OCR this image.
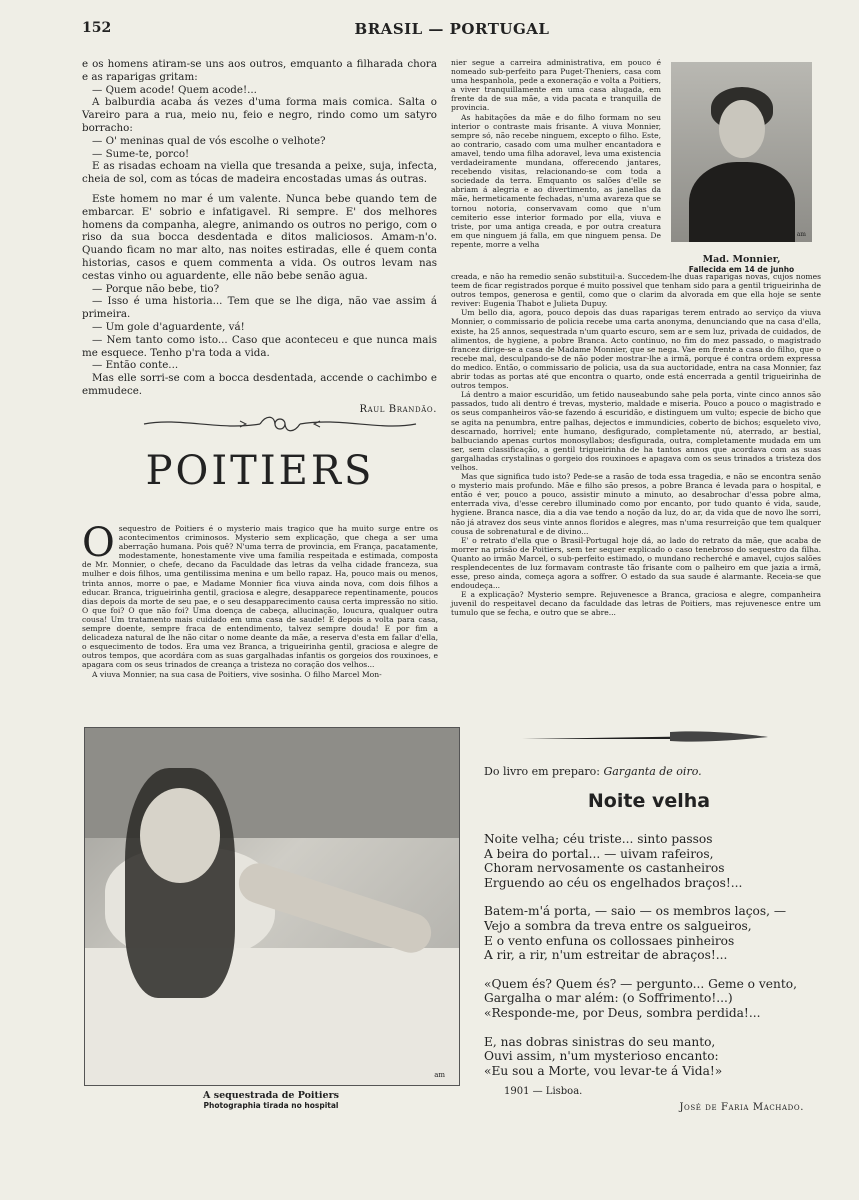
152	BRASIL — PORTUGAL

e os homens atiram-se uns aos outros, emquanto a filharada chora e as raparigas gritam:

— Quem acode! Quem acode!...

A balburdia acaba ás vezes d'uma forma mais comica. Salta o Vareiro para a rua, meio nu, feio e negro, rindo como um satyro borracho:

— O' meninas qual de vós escolhe o velhote?

— Sume-te, porco!

E as risadas echoam na viella que tresanda a peixe, suja, infecta, cheia de sol, com as tócas de madeira encostadas umas ás outras.

Este homem no mar é um valente. Nunca bebe quando tem de embarcar. E' sobrio e infatigavel. Ri sempre. E' dos melhores homens da companha, alegre, animando os outros no perigo, com o riso da sua bocca desdentada e ditos maliciosos. Amam-n'o. Quando ficam no mar alto, nas noites estiradas, elle é quem conta historias, casos e quem commenta a vida. Os outros levam nas cestas vinho ou aguardente, elle não bebe senão agua.

— Porque não bebe, tio?

— Isso é uma historia... Tem que se lhe diga, não vae assim á primeira.

— Um gole d'aguardente, vá!

— Nem tanto como isto... Caso que aconteceu e que nunca mais me esquece. Tenho p'ra toda a vida.

— Então conte...

Mas elle sorri-se com a bocca desdentada, accende o cachimbo e emmudece.

Raul Brandão.

POITIERS

Osequestro de Poitiers é o mysterio mais tragico que ha muito surge entre os acontecimentos criminosos. Mysterio sem explicação, que chega a ser uma aberração humana. Pois quê? N'uma terra de provincia, em França, pacatamente, modestamente, honestamente vive uma familia respeitada e estimada, composta de Mr. Monnier, o chefe, decano da Faculdade das letras da velha cidade franceza, sua mulher e dois filhos, uma gentilissima menina e um bello rapaz. Ha, pouco mais ou menos, trinta annos, morre o pae, e Madame Monnier fica viuva ainda nova, com dois filhos a educar. Branca, trigueirinha gentil, graciosa e alegre, desapparece repentinamente, poucos dias depois da morte de seu pae, e o seu desapparecimento causa certa impressão no sitio. O que foi? O que não foi? Uma doença de cabeça, allucinação, loucura, qualquer outra cousa! Um tratamento mais cuidado em uma casa de saude! E depois a volta para casa, sempre doente, sempre fraca de entendimento, talvez sempre douda! E por fim a delicadeza natural de lhe não citar o nome deante da mãe, a reserva d'esta em fallar d'ella, o esquecimento de todos. Era uma vez Branca, a trigueirinha gentil, graciosa e alegre de outros tempos, que acordára com as suas gargalhadas infantis os gorgeios dos rouxinoes, e apagara com os seus trinados de creança a tristeza no coração dos velhos...

A viuva Monnier, na sua casa de Poitiers, vive sosinha. O filho Marcel Mon-

nier segue a carreira administrativa, em pouco é nomeado sub-perfeito para Puget-Theniers, casa com uma hespanhola, pede a exoneração e volta a Poitiers, a viver tranquillamente em uma casa alugada, em frente da de sua mãe, a vida pacata e tranquilla de provincia.

As habitações da mãe e do filho formam no seu interior o contraste mais frisante. A viuva Monnier, sempre só, não recebe ninguem, excepto o filho. Este, ao contrario, casado com uma mulher encantadora e amavel, tendo uma filha adoravel, leva uma existencia verdadeiramente mundana, offerecendo jantares, recebendo visitas, relacionando-se com toda a sociedade da terra. Emquanto os salões d'elle se abriam á alegria e ao divertimento, as janellas da mãe, hermeticamente fechadas, n'uma avareza que se tornou notoria, conservavam como que n'um cemiterio esse interior formado por ella, viuva e triste, por uma antiga creada, e por outra creatura em que ninguem já falla, em que ninguem pensa. De repente, morre a velha

am
Mad. Monnier,
Fallecida em 14 de junho

creada, e não ha remedio senão substituil-a. Succedem-lhe duas raparigas novas, cujos nomes teem de ficar registrados porque é muito possivel que tenham sido para a gentil trigueirinha de outros tempos, generosa e gentil, como que o clarim da alvorada em que ella hoje se sente reviver: Eugenia Thabot e Julieta Dupuy.

Um bello dia, agora, pouco depois das duas raparigas terem entrado ao serviço da viuva Monnier, o commissario de policia recebe uma carta anonyma, denunciando que na casa d'ella, existe, ha 25 annos, sequestrada n'um quarto escuro, sem ar e sem luz, privada de cuidados, de alimentos, de hygiene, a pobre Branca. Acto continuo, no fim do mez passado, o magistrado francez dirige-se a casa de Madame Monnier, que se nega. Vae em frente a casa do filho, que o recebe mal, desculpando-se de não poder mostrar-lhe a irmã, porque é contra ordem expressa do medico. Então, o commissario de policia, usa da sua auctoridade, entra na casa Monnier, faz abrir todas as portas até que encontra o quarto, onde está encerrada a gentil trigueirinha de outros tempos.

Lá dentro a maior escuridão, um fetido nauseabundo sahe pela porta, vinte cinco annos são passados, tudo ali dentro é trevas, mysterio, maldade e miseria. Pouco a pouco o magistrado e os seus companheiros vão-se fazendo á escuridão, e distinguem um vulto; especie de bicho que se agita na penumbra, entre palhas, dejectos e immundicies, coberto de bichos; esqueleto vivo, descarnado, horrivel; ente humano, desfigurado, completamente nú, aterrado, ar bestial, balbuciando apenas curtos monosyllabos; desfigurada, outra, completamente mudada em um ser, sem classificação, a gentil trigueirinha de ha tantos annos que acordava com as suas gargalhadas crystalinas o gorgeio dos rouxinoes e apagava com os seus trinados a tristeza dos velhos.

Mas que significa tudo isto? Pede-se a rasão de toda essa tragedia, e não se encontra senão o mysterio mais profundo. Mãe e filho são presos, a pobre Branca é levada para o hospital, e então é ver, pouco a pouco, assistir minuto a minuto, ao desabrochar d'essa pobre alma, enterrada viva, d'esse cerebro illuminado como por encanto, por tudo quanto é vida, saude, hygiene. Branca nasce, dia a dia vae tendo a noção da luz, do ar, da vida que de novo lhe sorri, não já atravez dos seus vinte annos floridos e alegres, mas n'uma resurreição que tem qualquer cousa de sobrenatural e de divino...

E' o retrato d'ella que o Brasil-Portugal hoje dá, ao lado do retrato da mãe, que acaba de morrer na prisão de Poitiers, sem ter sequer explicado o caso tenebroso do sequestro da filha. Quanto ao irmão Marcel, o sub-perfeito estimado, o mundano recherché e amavel, cujos salões resplendecentes de luz formavam contraste tão frisante com o palheiro em que jazia a irmã, esse, preso ainda, começa agora a soffrer. O estado da sua saude é alarmante. Receia-se que endoudeça...

E a explicação? Mysterio sempre. Rejuvenesce a Branca, graciosa e alegre, companheira juvenil do respeitavel decano da faculdade das letras de Poitiers, mas rejuvenesce entre um tumulo que se fecha, e outro que se abre...

am
A sequestrada de Poitiers
Photographia tirada no hospital
Do livro em preparo: Garganta de oiro.
Noite velha
Noite velha; céu triste... sinto passos
A beira do portal... — uivam rafeiros,
Choram nervosamente os castanheiros
Erguendo ao céu os engelhados braços!...
Batem-m'á porta, — saio — os membros laços, —
Vejo a sombra da treva entre os salgueiros,
E o vento enfuna os collossaes pinheiros
A rir, a rir, n'um estreitar de abraços!...
«Quem és? Quem és? — pergunto... Geme o vento,
Gargalha o mar além: (o Soffrimento!...)
«Responde-me, por Deus, sombra perdida!...
E, nas dobras sinistras do seu manto,
Ouvi assim, n'um mysterioso encanto:
«Eu sou a Morte, vou levar-te á Vida!»
1901 — Lisboa.
José de Faria Machado.
